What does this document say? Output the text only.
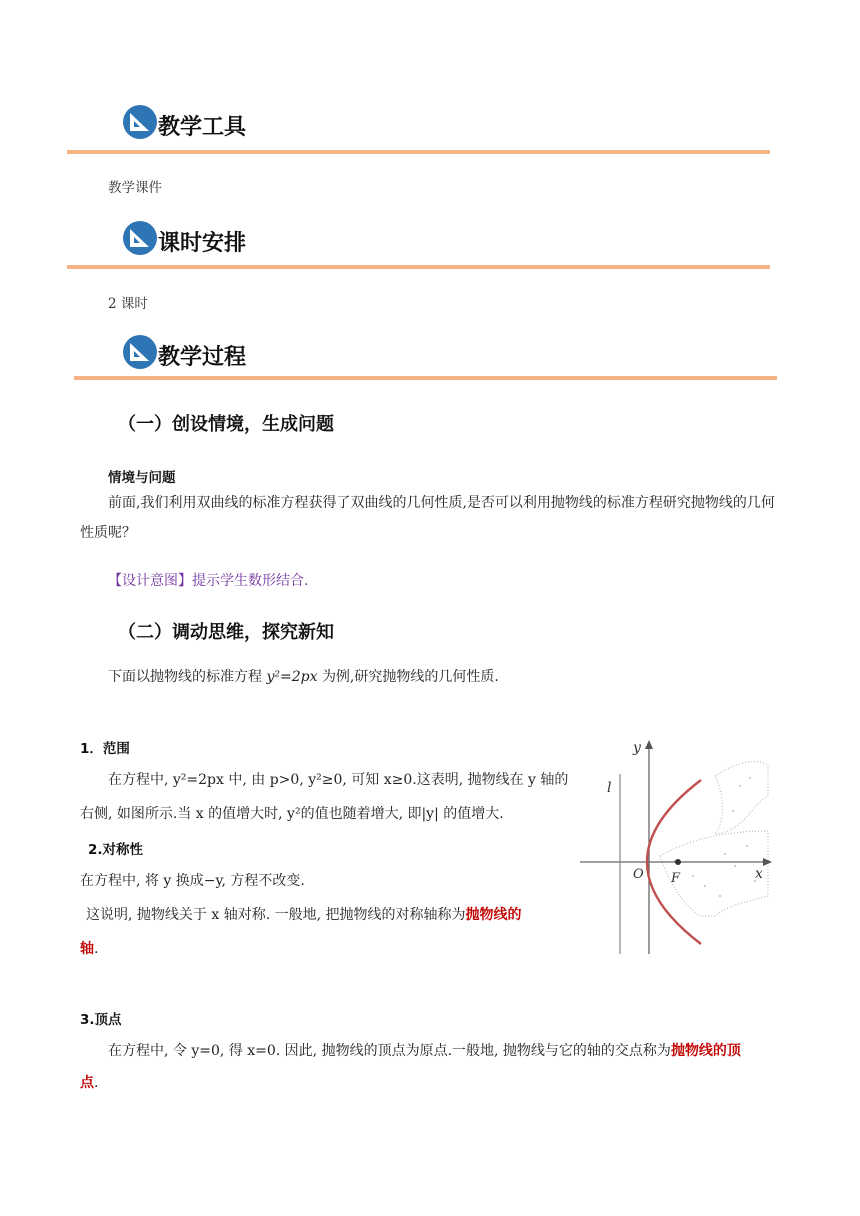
教学工具
教学课件
课时安排
2 课时
教学过程
（一）创设情境，生成问题
情境与问题
前面,我们利用双曲线的标准方程获得了双曲线的几何性质,是否可以利用抛物线的标准方程研究抛物线的几何性质呢？
【设计意图】提示学生数形结合.
（二）调动思维，探究新知
下面以抛物线的标准方程 y²=2px 为例,研究抛物线的几何性质.
1．范围
在方程中, y²=2px 中, 由 p>0, y²≥0, 可知 x≥0.这表明, 抛物线在 y 轴的
右侧, 如图所示.当 x 的值增大时, y²的值也随着增大, 即|y| 的值增大.
2.对称性
在方程中, 将 y 换成−y, 方程不改变.
这说明, 抛物线关于 x 轴对称. 一般地, 把抛物线的对称轴称为抛物线的
轴.
y
x
l
O F
3.顶点
在方程中, 令 y=0, 得 x=0. 因此, 抛物线的顶点为原点.一般地, 抛物线与它的轴的交点称为抛物线的顶
点.
